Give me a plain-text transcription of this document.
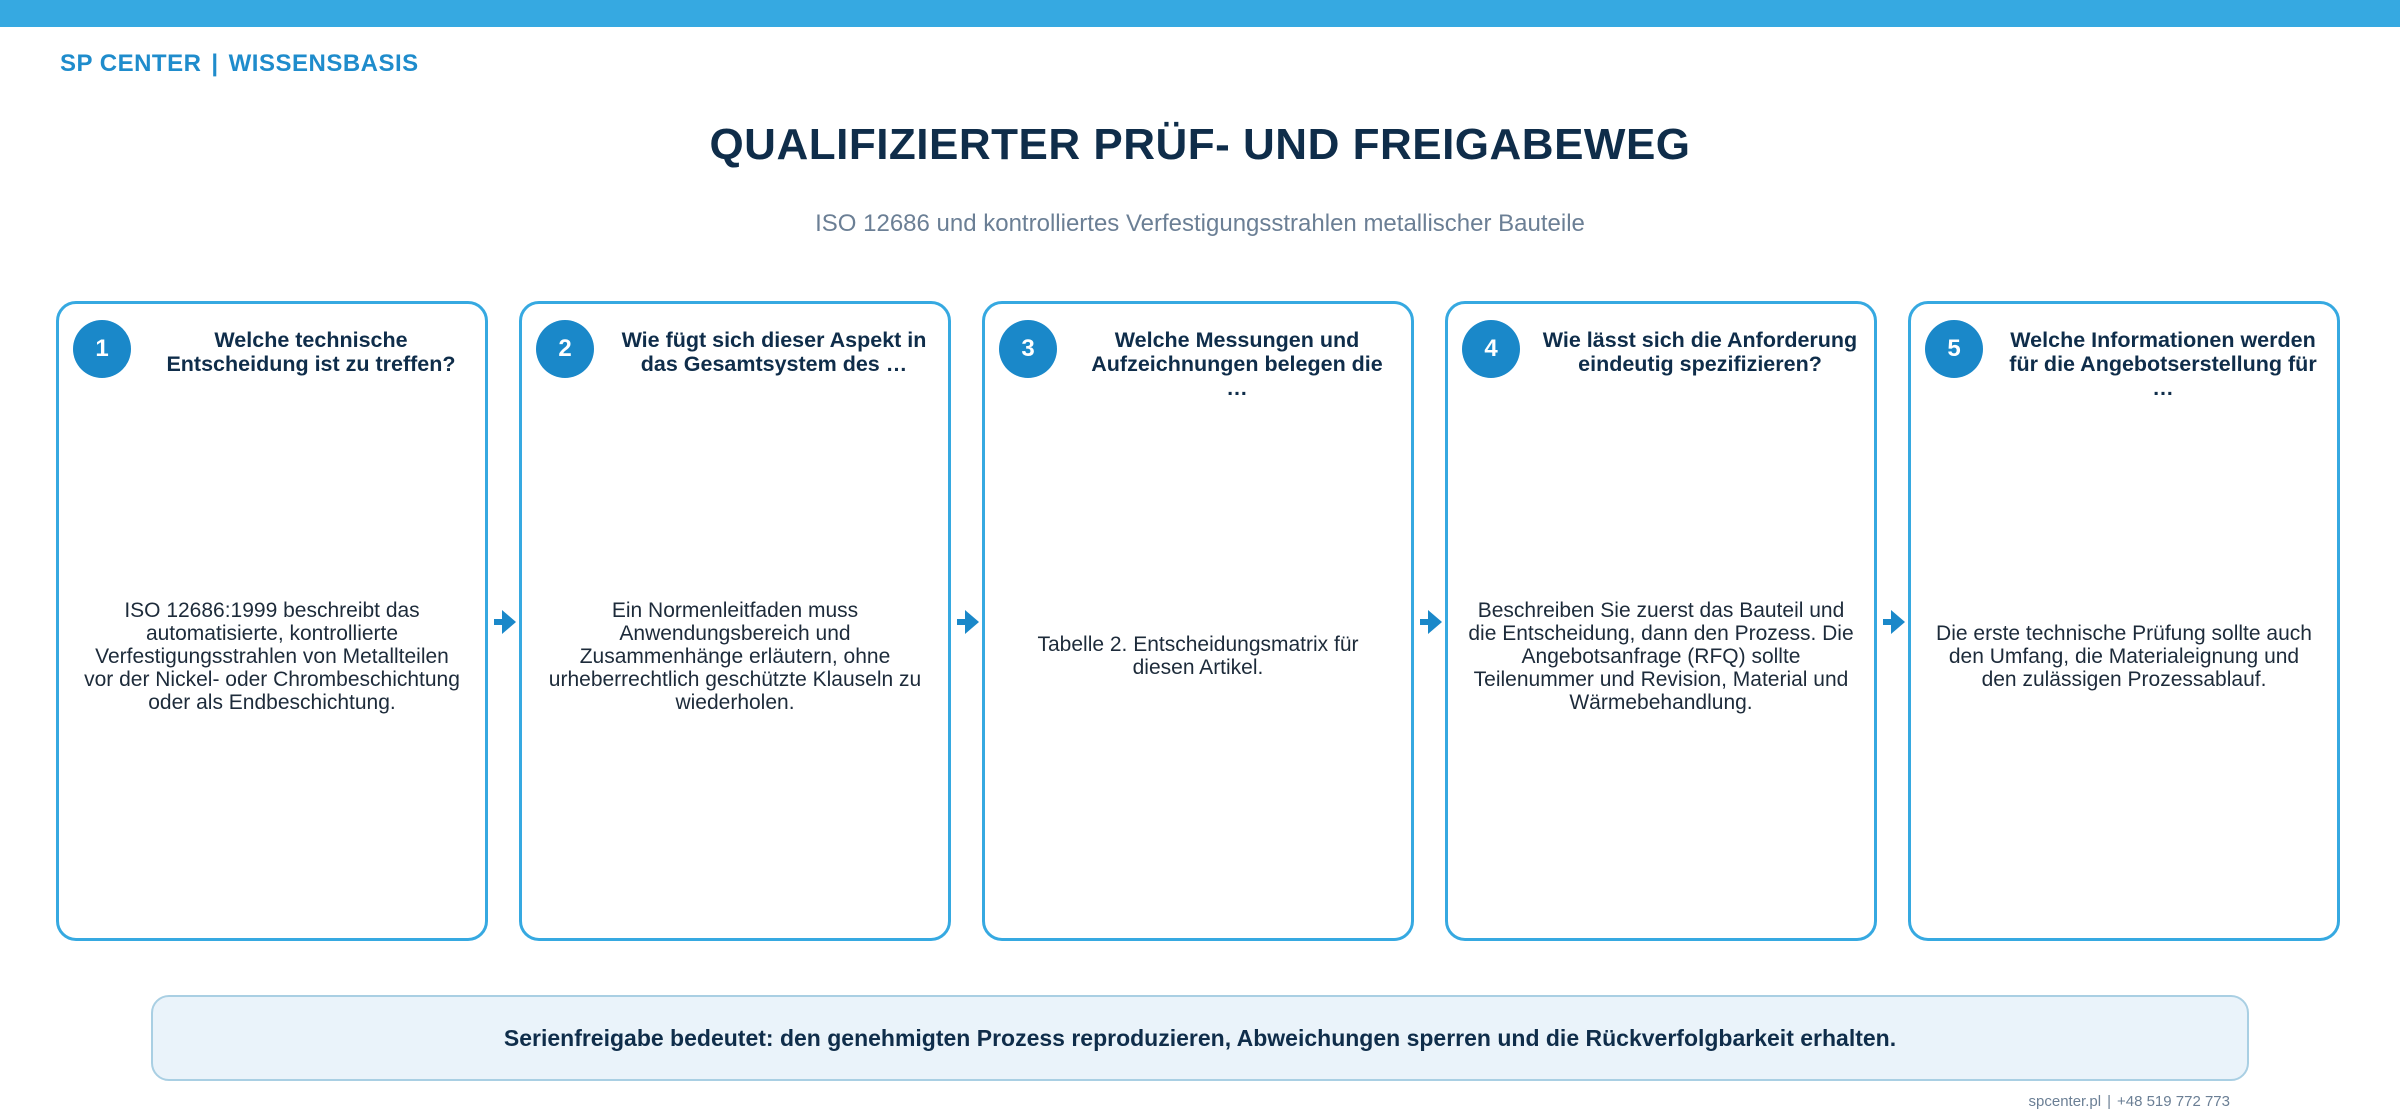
SP CENTER | WISSENSBASIS
QUALIFIZIERTER PRÜF- UND FREIGABEWEG
ISO 12686 und kontrolliertes Verfestigungsstrahlen metallischer Bauteile
1	Welche technische Entscheidung ist zu treffen?
ISO 12686:1999 beschreibt das automatisierte, kontrollierte Verfestigungsstrahlen von Metallteilen vor der Nickel- oder Chrombeschichtung oder als Endbeschichtung.
2	Wie fügt sich dieser Aspekt in das Gesamtsystem des …
Ein Normenleitfaden muss Anwendungsbereich und Zusammenhänge erläutern, ohne urheberrechtlich geschützte Klauseln zu wiederholen.
3	Welche Messungen und Aufzeichnungen belegen die …
Tabelle 2. Entscheidungsmatrix für diesen Artikel.
4	Wie lässt sich die Anforderung eindeutig spezifizieren?
Beschreiben Sie zuerst das Bauteil und die Entscheidung, dann den Prozess. Die Angebotsanfrage (RFQ) sollte Teilenummer und Revision, Material und Wärmebehandlung.
5	Welche Informationen werden für die Angebotserstellung für …
Die erste technische Prüfung sollte auch den Umfang, die Materialeignung und den zulässigen Prozessablauf.
Serienfreigabe bedeutet: den genehmigten Prozess reproduzieren, Abweichungen sperren und die Rückverfolgbarkeit erhalten.
spcenter.pl | +48 519 772 773
